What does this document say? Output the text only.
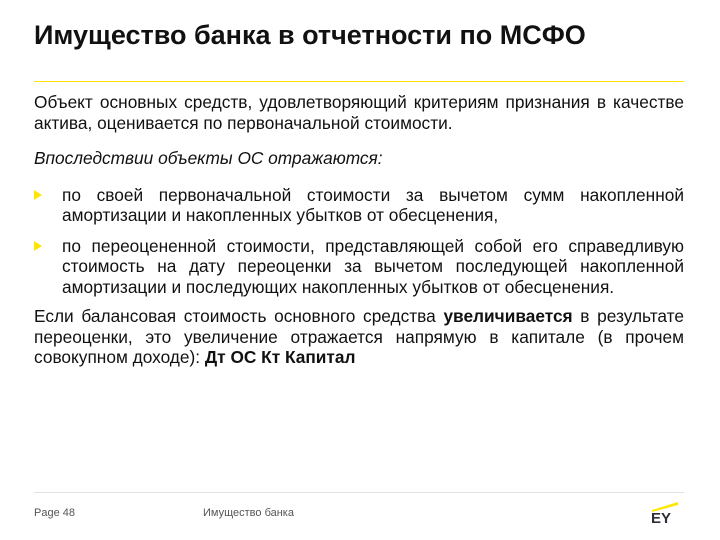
Имущество банка в отчетности по МСФО

Объект основных средств, удовлетворяющий критериям признания в качестве актива, оценивается по первоначальной стоимости.

Впоследствии объекты ОС отражаются:

по своей первоначальной стоимости за вычетом сумм накопленной амортизации и накопленных убытков от обесценения,
по переоцененной стоимости, представляющей собой его справедливую стоимость на дату переоценки за вычетом последующей накопленной амортизации и последующих накопленных убытков от обесценения.

Если балансовая стоимость основного средства увеличивается в результате переоценки, это увеличение отражается напрямую в капитале (в прочем совокупном доходе): Дт ОС Кт Капитал

Page 48	Имущество банка	EY
